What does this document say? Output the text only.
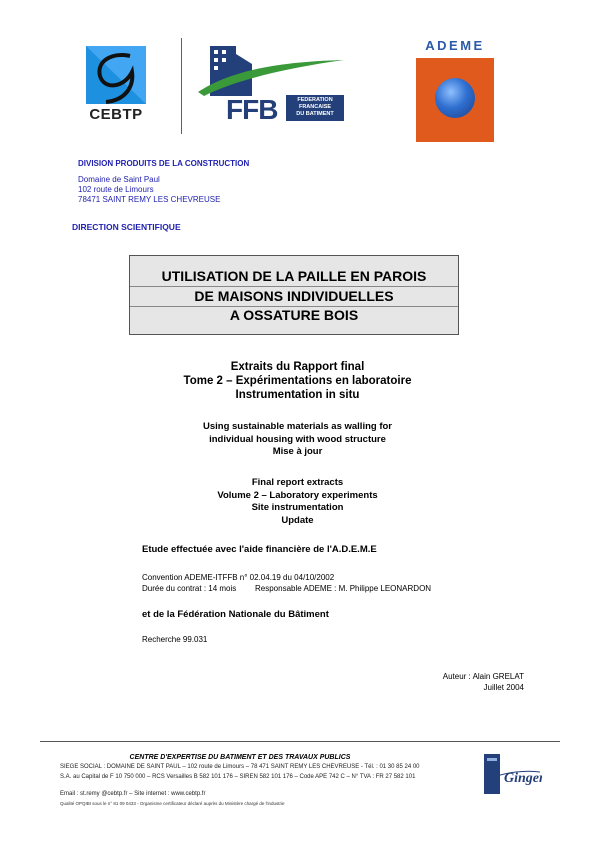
CEBTP	FFB	FEDERATION
FRANCAISE
DU BATIMENT
ADEME
DIVISION PRODUITS DE LA CONSTRUCTION
Domaine de Saint Paul
102 route de Limours
78471 SAINT REMY LES CHEVREUSE
DIRECTION SCIENTIFIQUE
UTILISATION DE LA PAILLE EN PAROIS
DE MAISONS INDIVIDUELLES
A OSSATURE BOIS
Extraits du Rapport final
Tome 2 – Expérimentations en laboratoire
Instrumentation in situ
Using sustainable materials as walling for
individual housing with wood structure
Mise à jour
Final report extracts
Volume 2 – Laboratory experiments
Site instrumentation
Update
Etude effectuée avec l'aide financière de l'A.D.E.M.E
Convention ADEME-ITFFB n° 02.04.19 du 04/10/2002
Durée du contrat : 14 mois Responsable ADEME : M. Philippe LEONARDON
et de la Fédération Nationale du Bâtiment
Recherche 99.031
Auteur : Alain GRELAT
Juillet 2004
CENTRE D'EXPERTISE DU BATIMENT ET DES TRAVAUX PUBLICS
SIEGE SOCIAL : DOMAINE DE SAINT PAUL – 102 route de Limours – 78 471 SAINT REMY LES CHEVREUSE - Tél. : 01 30 85 24 00
S.A. au Capital de F 10 750 000 – RCS Versailles B 582 101 176 – SIREN 582 101 176 – Code APE 742 C – N° TVA : FR 27 582 101
Email : st.remy @cebtp.fr – Site internet : www.cebtp.fr
Qualité OPQIBI sous le n° 81 09 0433 - Organisme certificateur déclaré auprès du Ministère chargé de l'industrie
Ginger
